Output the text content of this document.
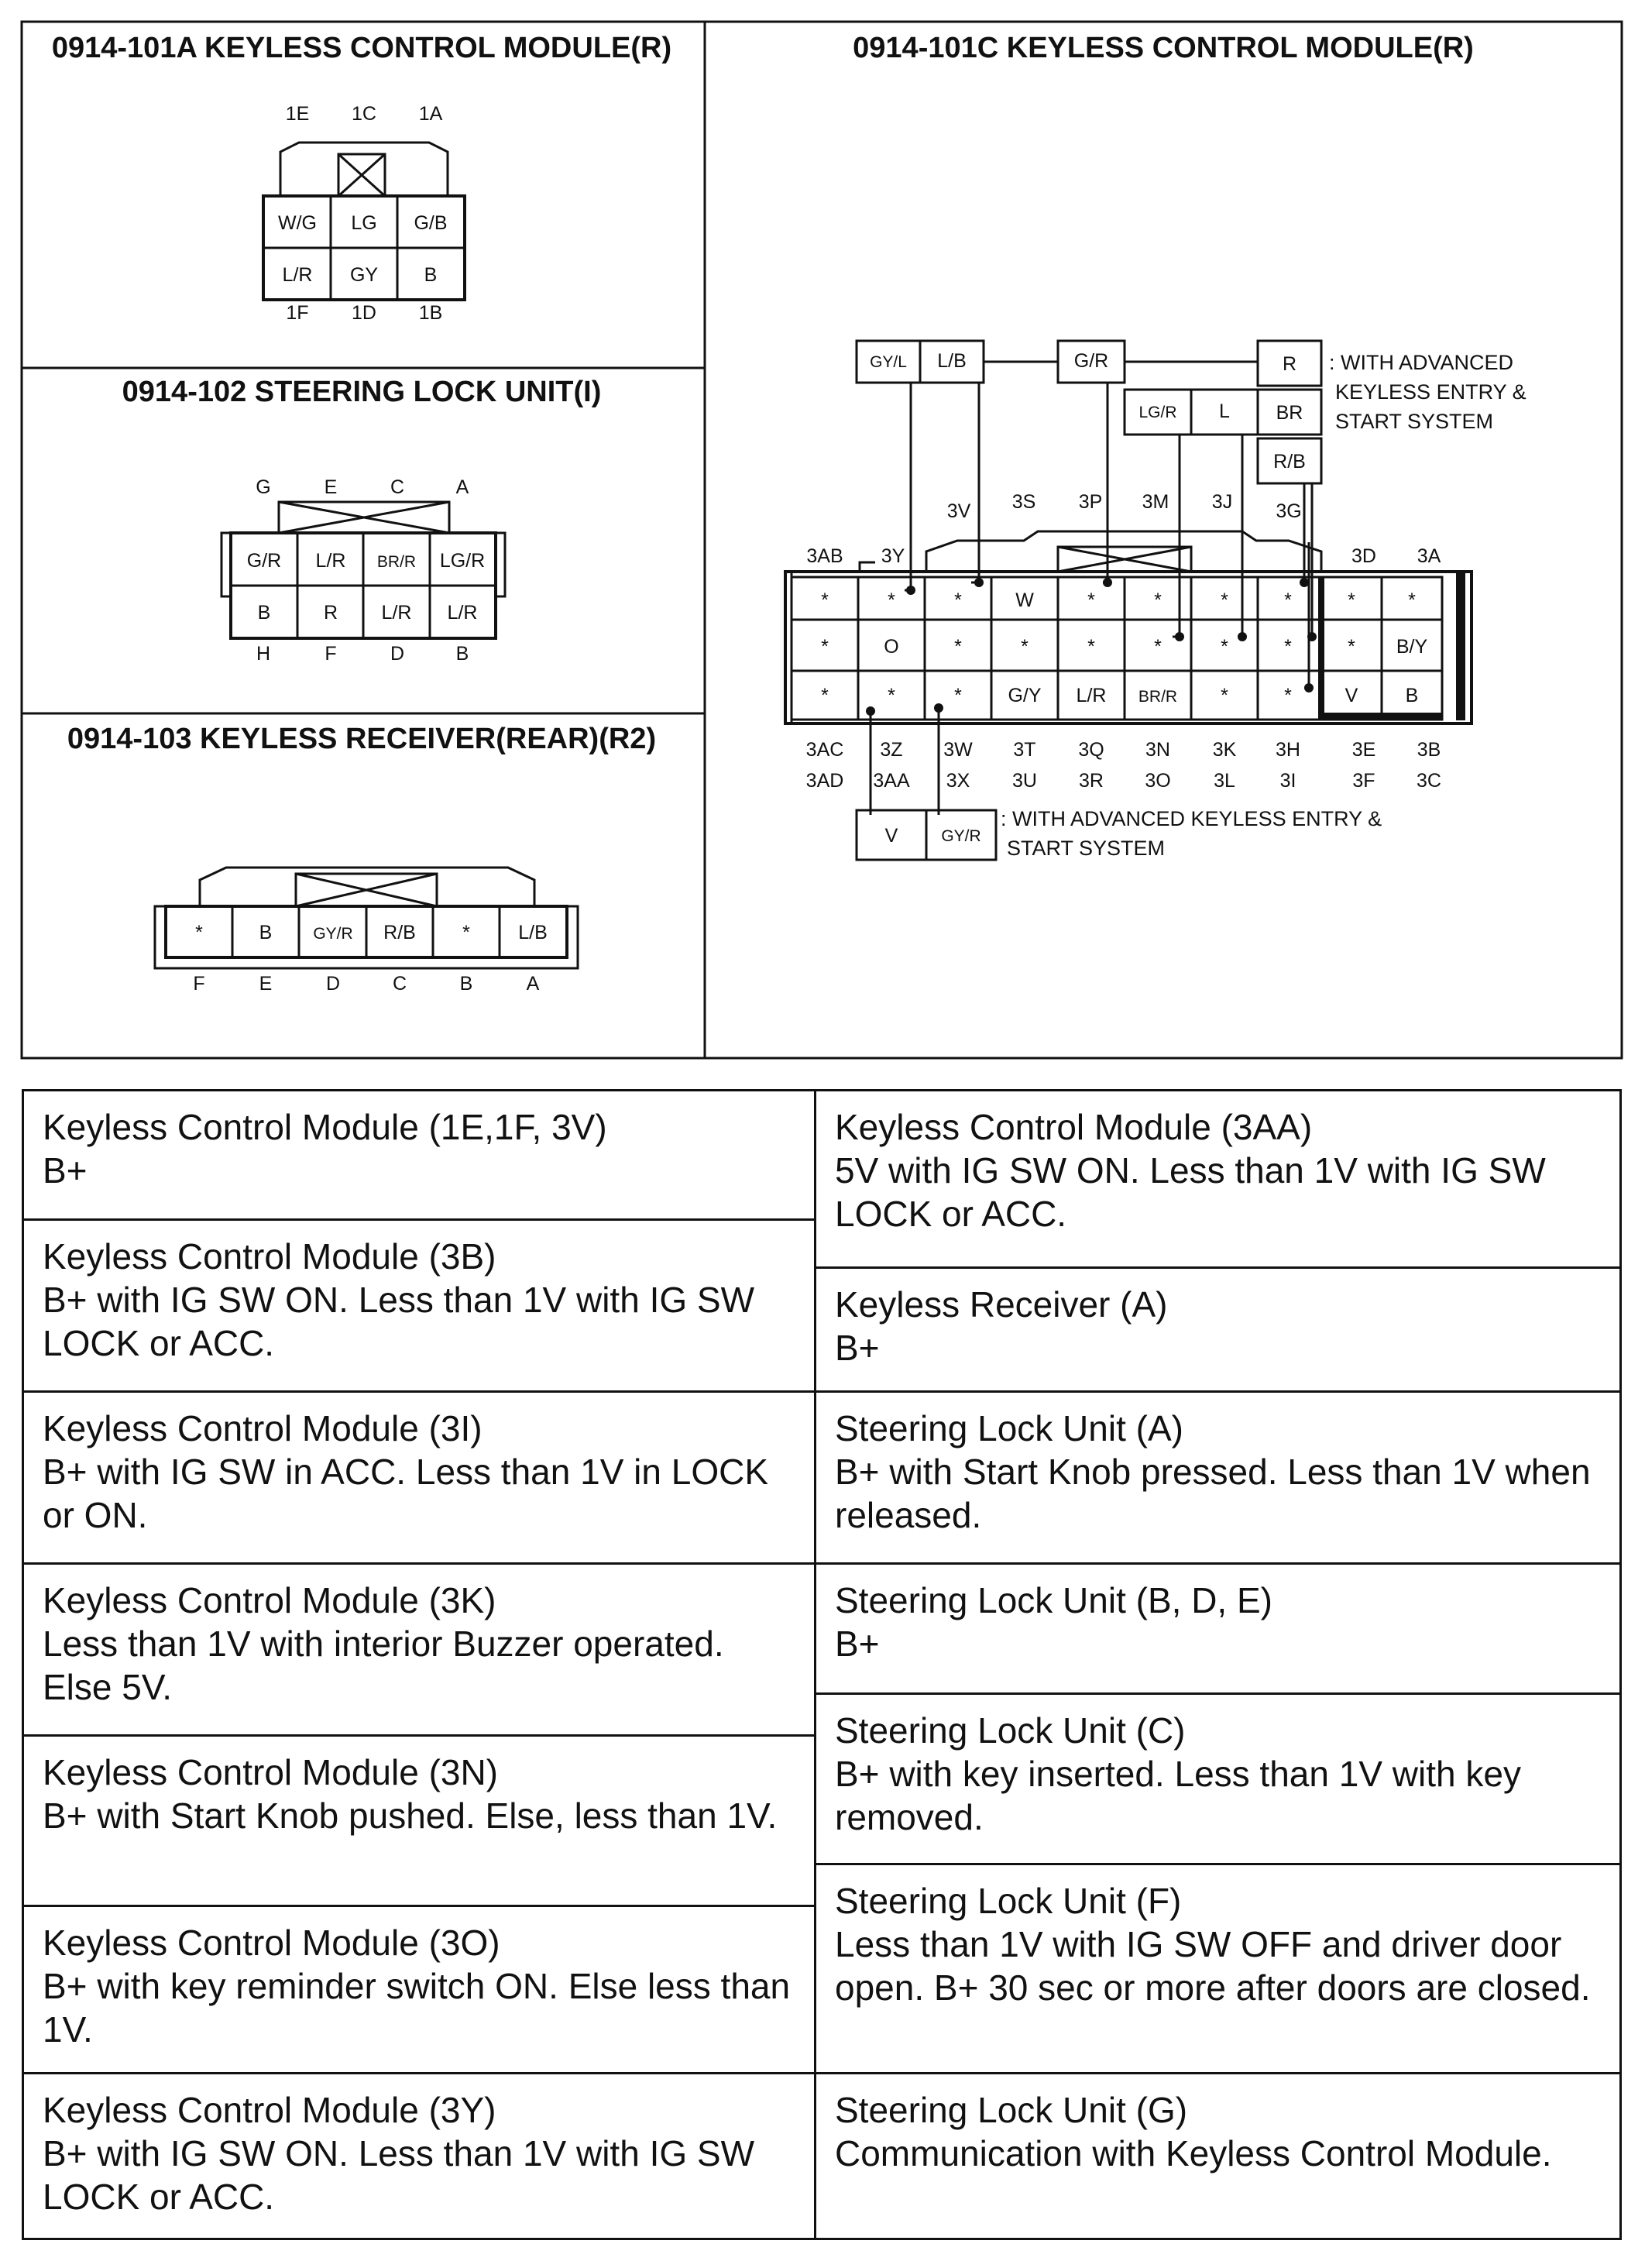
0914-101A KEYLESS CONTROL MODULE(R)
1E 1C 1A
W/G LG G/B
L/R GY B
1F 1D 1B
0914-102 STEERING LOCK UNIT(I)
G	E	C	A
G/R L/R BR/R LG/R
B	R L/R L/R
H	F	D	B
0914-103 KEYLESS RECEIVER(REAR)(R2)
*	B	GY/R R/B * L/B
F	E	D	C	B	A
0914-101C KEYLESS CONTROL MODULE(R)
GY/L L/B	G/R
LG/R L
R
BR
R/B
: WITH ADVANCED
KEYLESS ENTRY &
START SYSTEM
3AB 3Y
3V 3S 3P 3M 3J 3G
3D 3A
*	*	*	W	*	*	*	*	*	*
*	O	*	*	*	*	*	*	* B/Y
*	*	* G/Y L/R BR/R *	*	V B
3AC 3Z 3W 3T 3Q 3N 3K 3H	3E 3B
3AD 3AA 3X 3U 3R 3O 3L 3I	3F 3C
V	GY/R
: WITH ADVANCED KEYLESS ENTRY &
START SYSTEM
Keyless Control Module (1E,1F, 3V)
B+
Keyless Control Module (3B)
B+ with IG SW ON. Less than 1V with IG SW LOCK or ACC.
Keyless Control Module (3I)
B+ with IG SW in ACC. Less than 1V in LOCK or ON.
Keyless Control Module (3K)
Less than 1V with interior Buzzer operated. Else 5V.
Keyless Control Module (3N)
B+ with Start Knob pushed. Else, less than 1V.
Keyless Control Module (3O)
B+ with key reminder switch ON. Else less than 1V.
Keyless Control Module (3Y)
B+ with IG SW ON. Less than 1V with IG SW LOCK or ACC.
Keyless Control Module (3AA)
5V with IG SW ON. Less than 1V with IG SW LOCK or ACC.
Keyless Receiver (A)
B+
Steering Lock Unit (A)
B+ with Start Knob pressed. Less than 1V when released.
Steering Lock Unit (B, D, E)
B+
Steering Lock Unit (C)
B+ with key inserted. Less than 1V with key removed.
Steering Lock Unit (F)
Less than 1V with IG SW OFF and driver door open. B+ 30 sec or more after doors are closed.
Steering Lock Unit (G)
Communication with Keyless Control Module.
